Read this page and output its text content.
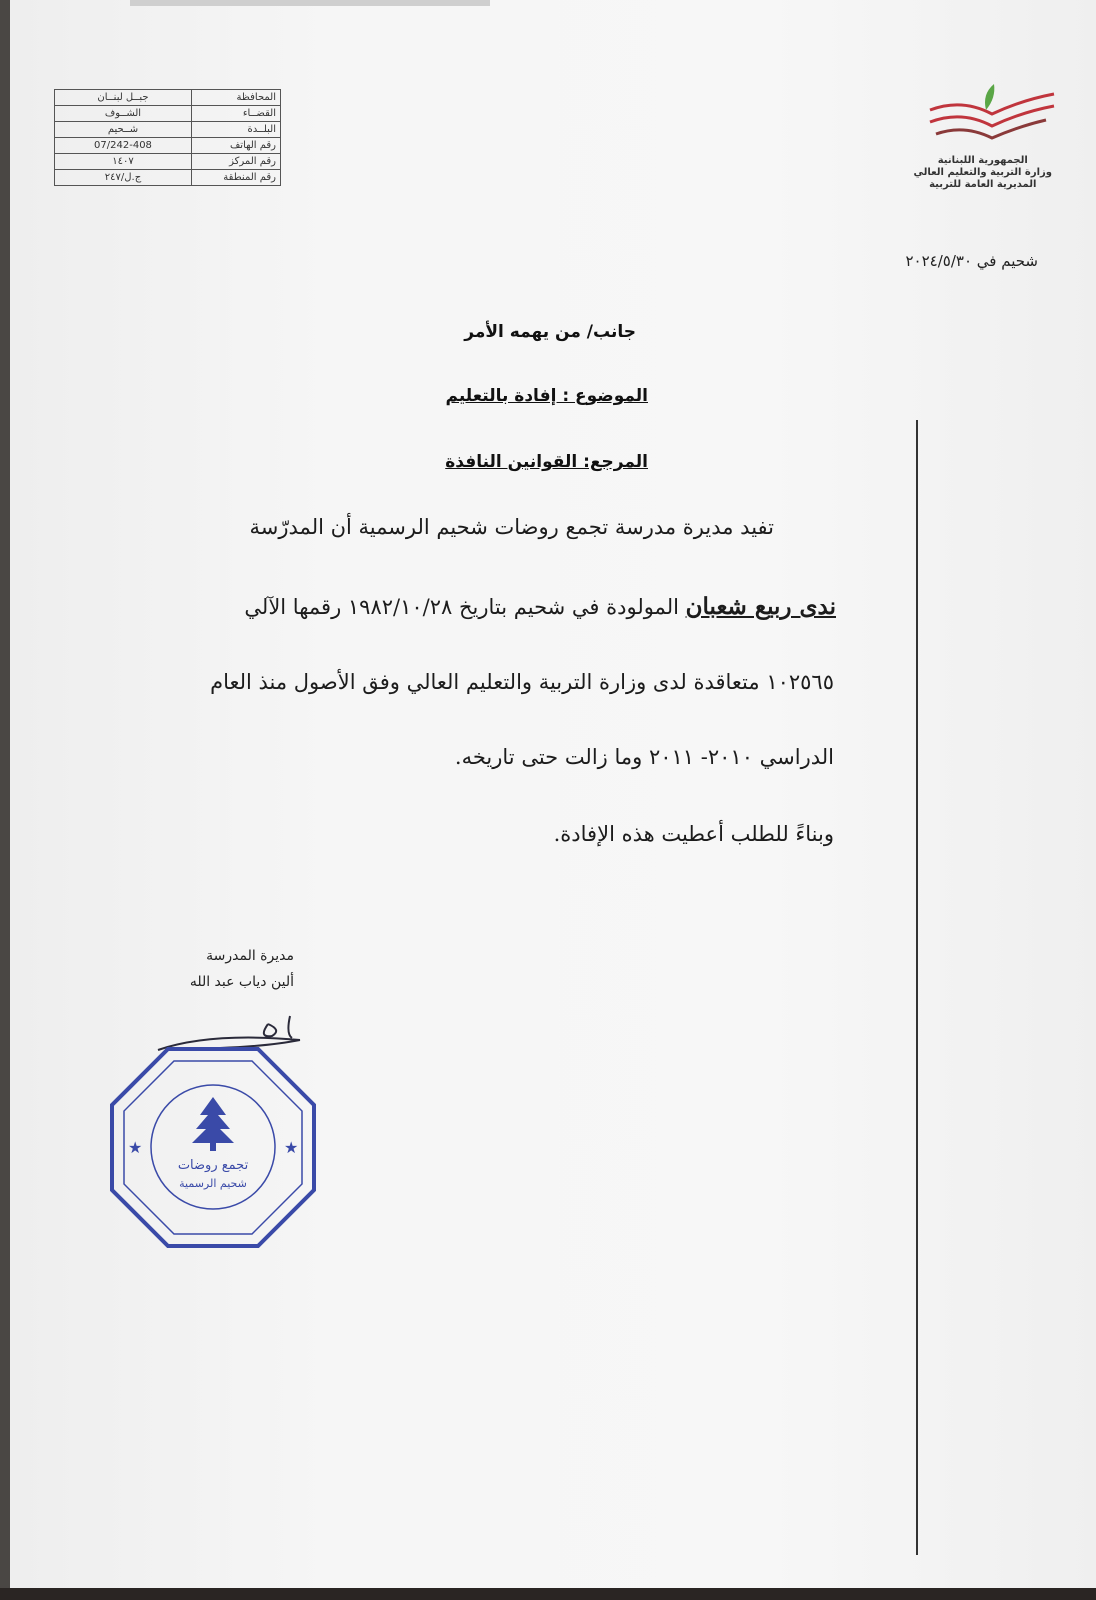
المحافظة	جبــل لبنــان
القضــاء	الشــوف
البلــدة	شــحيم
رقم الهاتف	07/242-408
رقم المركز	١٤٠٧
رقم المنطقة	ج.ل/٢٤٧
الجمهورية اللبنانية
وزارة التربية والتعليم العالي
المديرية العامة للتربية
شحيم في ٢٠٢٤/٥/٣٠
جانب/ من يهمه الأمر
الموضوع : إفادة بالتعليم
المرجع: القوانين النافذة
تفيد مديرة مدرسة تجمع روضات شحيم الرسمية أن المدرّسة
ندى ربيع شعبان المولودة في شحيم بتاريخ ١٩٨٢/١٠/٢٨ رقمها الآلي
١٠٢٥٦٥ متعاقدة لدى وزارة التربية والتعليم العالي وفق الأصول منذ العام
الدراسي ٢٠١٠- ٢٠١١ وما زالت حتى تاريخه.
وبناءً للطلب أعطيت هذه الإفادة.
مديرة المدرسة
ألين دياب عبد الله
★	★
تجمع روضات
شحيم الرسمية
